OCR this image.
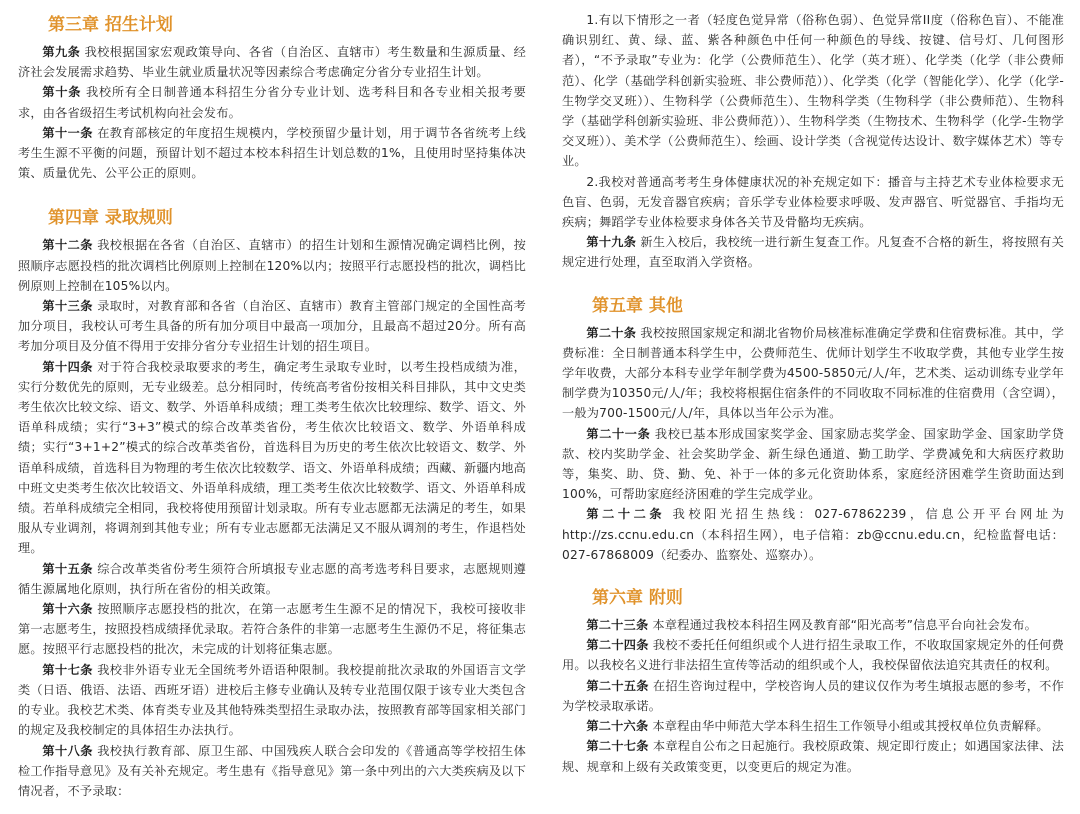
第三章 招生计划

第九条 我校根据国家宏观政策导向、各省（自治区、直辖市）考生数量和生源质量、经济社会发展需求趋势、毕业生就业质量状况等因素综合考虑确定分省分专业招生计划。

第十条 我校所有全日制普通本科招生分省分专业计划、选考科目和各专业相关报考要求，由各省级招生考试机构向社会发布。

第十一条 在教育部核定的年度招生规模内，学校预留少量计划，用于调节各省统考上线考生生源不平衡的问题，预留计划不超过本校本科招生计划总数的1%，且使用时坚持集体决策、质量优先、公平公正的原则。

第四章 录取规则

第十二条 我校根据在各省（自治区、直辖市）的招生计划和生源情况确定调档比例，按照顺序志愿投档的批次调档比例原则上控制在120%以内；按照平行志愿投档的批次，调档比例原则上控制在105%以内。

第十三条 录取时，对教育部和各省（自治区、直辖市）教育主管部门规定的全国性高考加分项目，我校认可考生具备的所有加分项目中最高一项加分，且最高不超过20分。所有高考加分项目及分值不得用于安排分省分专业招生计划的招生项目。

第十四条 对于符合我校录取要求的考生，确定考生录取专业时，以考生投档成绩为准，实行分数优先的原则，无专业级差。总分相同时，传统高考省份按相关科目排队，其中文史类考生依次比较文综、语文、数学、外语单科成绩；理工类考生依次比较理综、数学、语文、外语单科成绩；实行“3+3”模式的综合改革类省份，考生依次比较语文、数学、外语单科成绩；实行“3+1+2”模式的综合改革类省份，首选科目为历史的考生依次比较语文、数学、外语单科成绩，首选科目为物理的考生依次比较数学、语文、外语单科成绩；西藏、新疆内地高中班文史类考生依次比较语文、外语单科成绩，理工类考生依次比较数学、语文、外语单科成绩。若单科成绩完全相同，我校将使用预留计划录取。所有专业志愿都无法满足的考生，如果服从专业调剂，将调剂到其他专业；所有专业志愿都无法满足又不服从调剂的考生，作退档处理。

第十五条 综合改革类省份考生须符合所填报专业志愿的高考选考科目要求，志愿规则遵循生源属地化原则，执行所在省份的相关政策。

第十六条 按照顺序志愿投档的批次，在第一志愿考生生源不足的情况下，我校可接收非第一志愿考生，按照投档成绩择优录取。若符合条件的非第一志愿考生生源仍不足，将征集志愿。按照平行志愿投档的批次，未完成的计划将征集志愿。

第十七条 我校非外语专业无全国统考外语语种限制。我校提前批次录取的外国语言文学类（日语、俄语、法语、西班牙语）进校后主修专业确认及转专业范围仅限于该专业大类包含的专业。我校艺术类、体育类专业及其他特殊类型招生录取办法，按照教育部等国家相关部门的规定及我校制定的具体招生办法执行。

第十八条 我校执行教育部、原卫生部、中国残疾人联合会印发的《普通高等学校招生体检工作指导意见》及有关补充规定。考生患有《指导意见》第一条中列出的六大类疾病及以下情况者，不予录取：

1.有以下情形之一者（轻度色觉异常（俗称色弱）、色觉异常II度（俗称色盲）、不能准确识别红、黄、绿、蓝、紫各种颜色中任何一种颜色的导线、按键、信号灯、几何图形者），“不予录取”专业为：化学（公费师范生）、化学（英才班）、化学类（化学（非公费师范）、化学（基础学科创新实验班、非公费师范））、化学类（化学（智能化学）、化学（化学-生物学交叉班））、生物科学（公费师范生）、生物科学类（生物科学（非公费师范）、生物科学（基础学科创新实验班、非公费师范））、生物科学类（生物技术、生物科学（化学-生物学交叉班））、美术学（公费师范生）、绘画、设计学类（含视觉传达设计、数字媒体艺术）等专业。

2.我校对普通高考考生身体健康状况的补充规定如下：播音与主持艺术专业体检要求无色盲、色弱，无发音器官疾病；音乐学专业体检要求呼吸、发声器官、听觉器官、手指均无疾病；舞蹈学专业体检要求身体各关节及骨骼均无疾病。

第十九条 新生入校后，我校统一进行新生复查工作。凡复查不合格的新生，将按照有关规定进行处理，直至取消入学资格。

第五章 其他

第二十条 我校按照国家规定和湖北省物价局核准标准确定学费和住宿费标准。其中，学费标准：全日制普通本科学生中，公费师范生、优师计划学生不收取学费，其他专业学生按学年收费，大部分本科专业学年制学费为4500-5850元/人/年，艺术类、运动训练专业学年制学费为10350元/人/年；我校将根据住宿条件的不同收取不同标准的住宿费用（含空调），一般为700-1500元/人/年，具体以当年公示为准。

第二十一条 我校已基本形成国家奖学金、国家励志奖学金、国家助学金、国家助学贷款、校内奖助学金、社会奖助学金、新生绿色通道、勤工助学、学费减免和大病医疗救助等，集奖、助、贷、勤、免、补于一体的多元化资助体系，家庭经济困难学生资助面达到100%，可帮助家庭经济困难的学生完成学业。

第二十二条 我校阳光招生热线：027-67862239，信息公开平台网址为http://zs.ccnu.edu.cn（本科招生网），电子信箱：zb@ccnu.edu.cn，纪检监督电话：027-67868009（纪委办、监察处、巡察办）。

第六章 附则

第二十三条 本章程通过我校本科招生网及教育部“阳光高考”信息平台向社会发布。

第二十四条 我校不委托任何组织或个人进行招生录取工作，不收取国家规定外的任何费用。以我校名义进行非法招生宣传等活动的组织或个人，我校保留依法追究其责任的权利。

第二十五条 在招生咨询过程中，学校咨询人员的建议仅作为考生填报志愿的参考，不作为学校录取承诺。

第二十六条 本章程由华中师范大学本科生招生工作领导小组或其授权单位负责解释。

第二十七条 本章程自公布之日起施行。我校原政策、规定即行废止；如遇国家法律、法规、规章和上级有关政策变更，以变更后的规定为准。
